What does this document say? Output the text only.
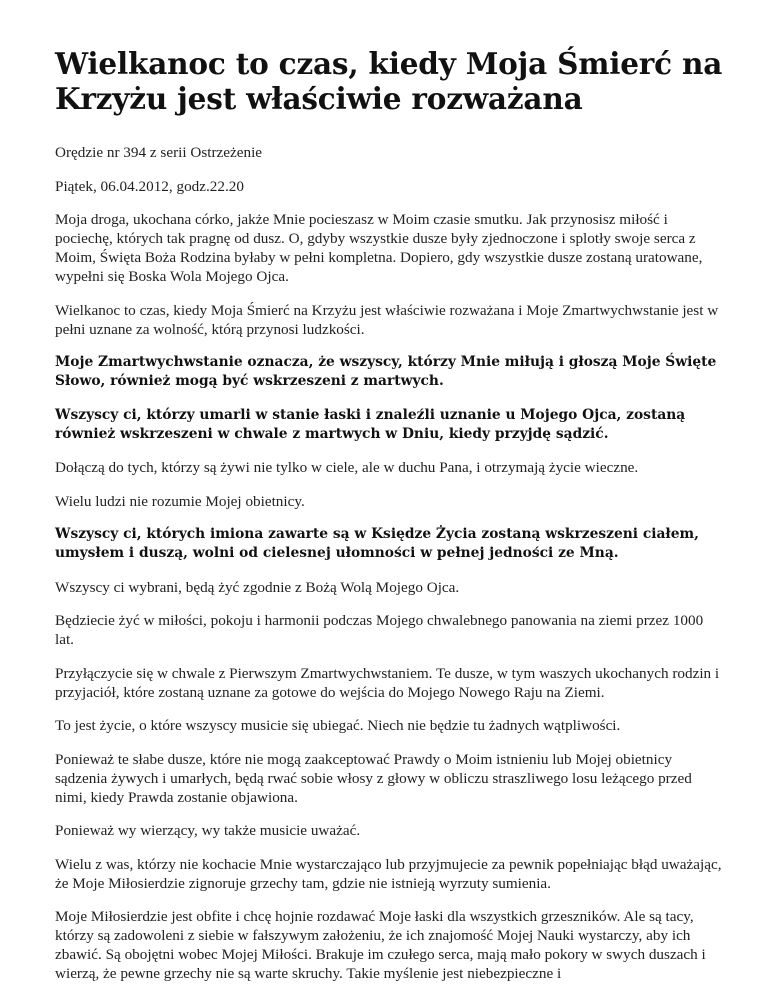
Wielkanoc to czas, kiedy Moja Śmierć na Krzyżu jest właściwie rozważana

Orędzie nr 394 z serii Ostrzeżenie

Piątek, 06.04.2012, godz.22.20

Moja droga, ukochana córko, jakże Mnie pocieszasz w Moim czasie smutku. Jak przynosisz miłość i pociechę, których tak pragnę od dusz. O, gdyby wszystkie dusze były zjednoczone i splotły swoje serca z Moim, Święta Boża Rodzina byłaby w pełni kompletna. Dopiero, gdy wszystkie dusze zostaną uratowane, wypełni się Boska Wola Mojego Ojca.

Wielkanoc to czas, kiedy Moja Śmierć na Krzyżu jest właściwie rozważana i Moje Zmartwychwstanie jest w pełni uznane za wolność, którą przynosi ludzkości.

Moje Zmartwychwstanie oznacza, że wszyscy, którzy Mnie miłują i głoszą Moje Święte Słowo, również mogą być wskrzeszeni z martwych.

Wszyscy ci, którzy umarli w stanie łaski i znaleźli uznanie u Mojego Ojca, zostaną również wskrzeszeni w chwale z martwych w Dniu, kiedy przyjdę sądzić.

Dołączą do tych, którzy są żywi nie tylko w ciele, ale w duchu Pana, i otrzymają życie wieczne.

Wielu ludzi nie rozumie Mojej obietnicy.

Wszyscy ci, których imiona zawarte są w Księdze Życia zostaną wskrzeszeni ciałem, umysłem i duszą, wolni od cielesnej ułomności w pełnej jedności ze Mną.

Wszyscy ci wybrani, będą żyć zgodnie z Bożą Wolą Mojego Ojca.

Będziecie żyć w miłości, pokoju i harmonii podczas Mojego chwalebnego panowania na ziemi przez 1000 lat.

Przyłączycie się w chwale z Pierwszym Zmartwychwstaniem. Te dusze, w tym waszych ukochanych rodzin i przyjaciół, które zostaną uznane za gotowe do wejścia do Mojego Nowego Raju na Ziemi.

To jest życie, o które wszyscy musicie się ubiegać. Niech nie będzie tu żadnych wątpliwości.

Ponieważ te słabe dusze, które nie mogą zaakceptować Prawdy o Moim istnieniu lub Mojej obietnicy sądzenia żywych i umarłych, będą rwać sobie włosy z głowy w obliczu straszliwego losu leżącego przed nimi, kiedy Prawda zostanie objawiona.

Ponieważ wy wierzący, wy także musicie uważać.

Wielu z was, którzy nie kochacie Mnie wystarczająco lub przyjmujecie za pewnik popełniając błąd uważając, że Moje Miłosierdzie zignoruje grzechy tam, gdzie nie istnieją wyrzuty sumienia.

Moje Miłosierdzie jest obfite i chcę hojnie rozdawać Moje łaski dla wszystkich grzeszników. Ale są tacy, którzy są zadowoleni z siebie w fałszywym założeniu, że ich znajomość Mojej Nauki wystarczy, aby ich zbawić. Są obojętni wobec Mojej Miłości. Brakuje im czułego serca, mają mało pokory w swych duszach i wierzą, że pewne grzechy nie są warte skruchy. Takie myślenie jest niebezpieczne i
